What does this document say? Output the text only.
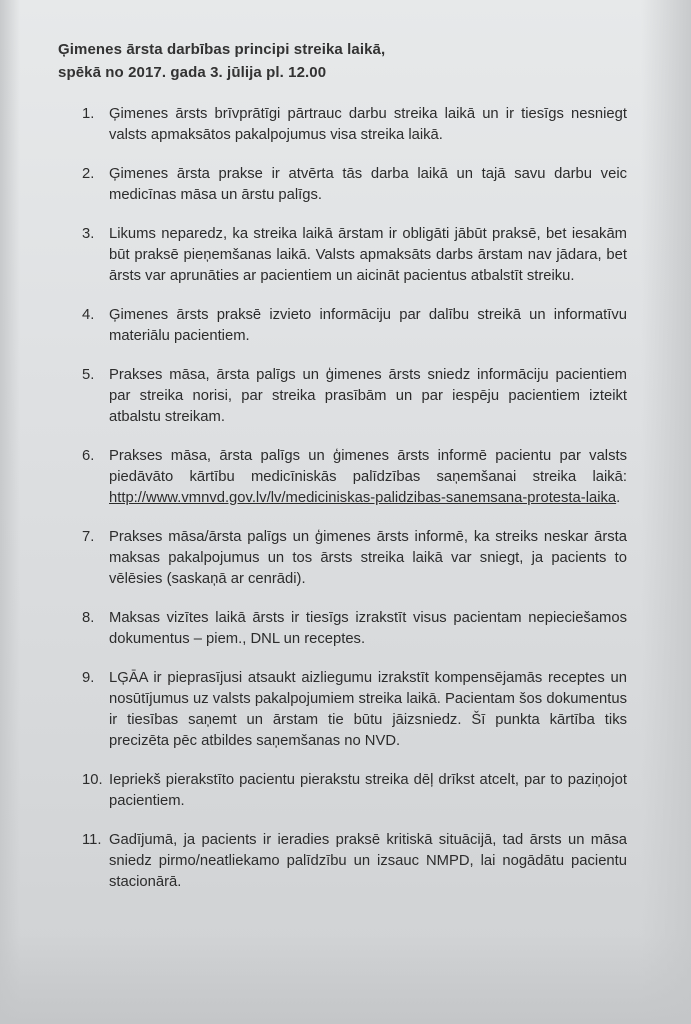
Ģimenes ārsta darbības principi streika laikā,
spēkā no 2017. gada 3. jūlija pl. 12.00
1. Ģimenes ārsts brīvprātīgi pārtrauc darbu streika laikā un ir tiesīgs nesniegt valsts apmaksātos pakalpojumus visa streika laikā.
2. Ģimenes ārsta prakse ir atvērta tās darba laikā un tajā savu darbu veic medicīnas māsa un ārstu palīgs.
3. Likums neparedz, ka streika laikā ārstam ir obligāti jābūt praksē, bet iesakām būt praksē pieņemšanas laikā. Valsts apmaksāts darbs ārstam nav jādara, bet ārsts var aprunāties ar pacientiem un aicināt pacientus atbalstīt streiku.
4. Ģimenes ārsts praksē izvieto informāciju par dalību streikā un informatīvu materiālu pacientiem.
5. Prakses māsa, ārsta palīgs un ģimenes ārsts sniedz informāciju pacientiem par streika norisi, par streika prasībām un par iespēju pacientiem izteikt atbalstu streikam.
6. Prakses māsa, ārsta palīgs un ģimenes ārsts informē pacientu par valsts piedāvāto kārtību medicīniskās palīdzības saņemšanai streika laikā: http://www.vmnvd.gov.lv/lv/mediciniskas-palidzibas-sanemsana-protesta-laika.
7. Prakses māsa/ārsta palīgs un ģimenes ārsts informē, ka streiks neskar ārsta maksas pakalpojumus un tos ārsts streika laikā var sniegt, ja pacients to vēlēsies (saskaņā ar cenrādi).
8. Maksas vizītes laikā ārsts ir tiesīgs izrakstīt visus pacientam nepieciešamos dokumentus – piem., DNL un receptes.
9. LĢĀA ir pieprasījusi atsaukt aizliegumu izrakstīt kompensējamās receptes un nosūtījumus uz valsts pakalpojumiem streika laikā. Pacientam šos dokumentus ir tiesības saņemt un ārstam tie būtu jāizsniedz. Šī punkta kārtība tiks precizēta pēc atbildes saņemšanas no NVD.
10. Iepriekš pierakstīto pacientu pierakstu streika dēļ drīkst atcelt, par to paziņojot pacientiem.
11. Gadījumā, ja pacients ir ieradies praksē kritiskā situācijā, tad ārsts un māsa sniedz pirmo/neatliekamo palīdzību un izsauc NMPD, lai nogādātu pacientu stacionārā.
